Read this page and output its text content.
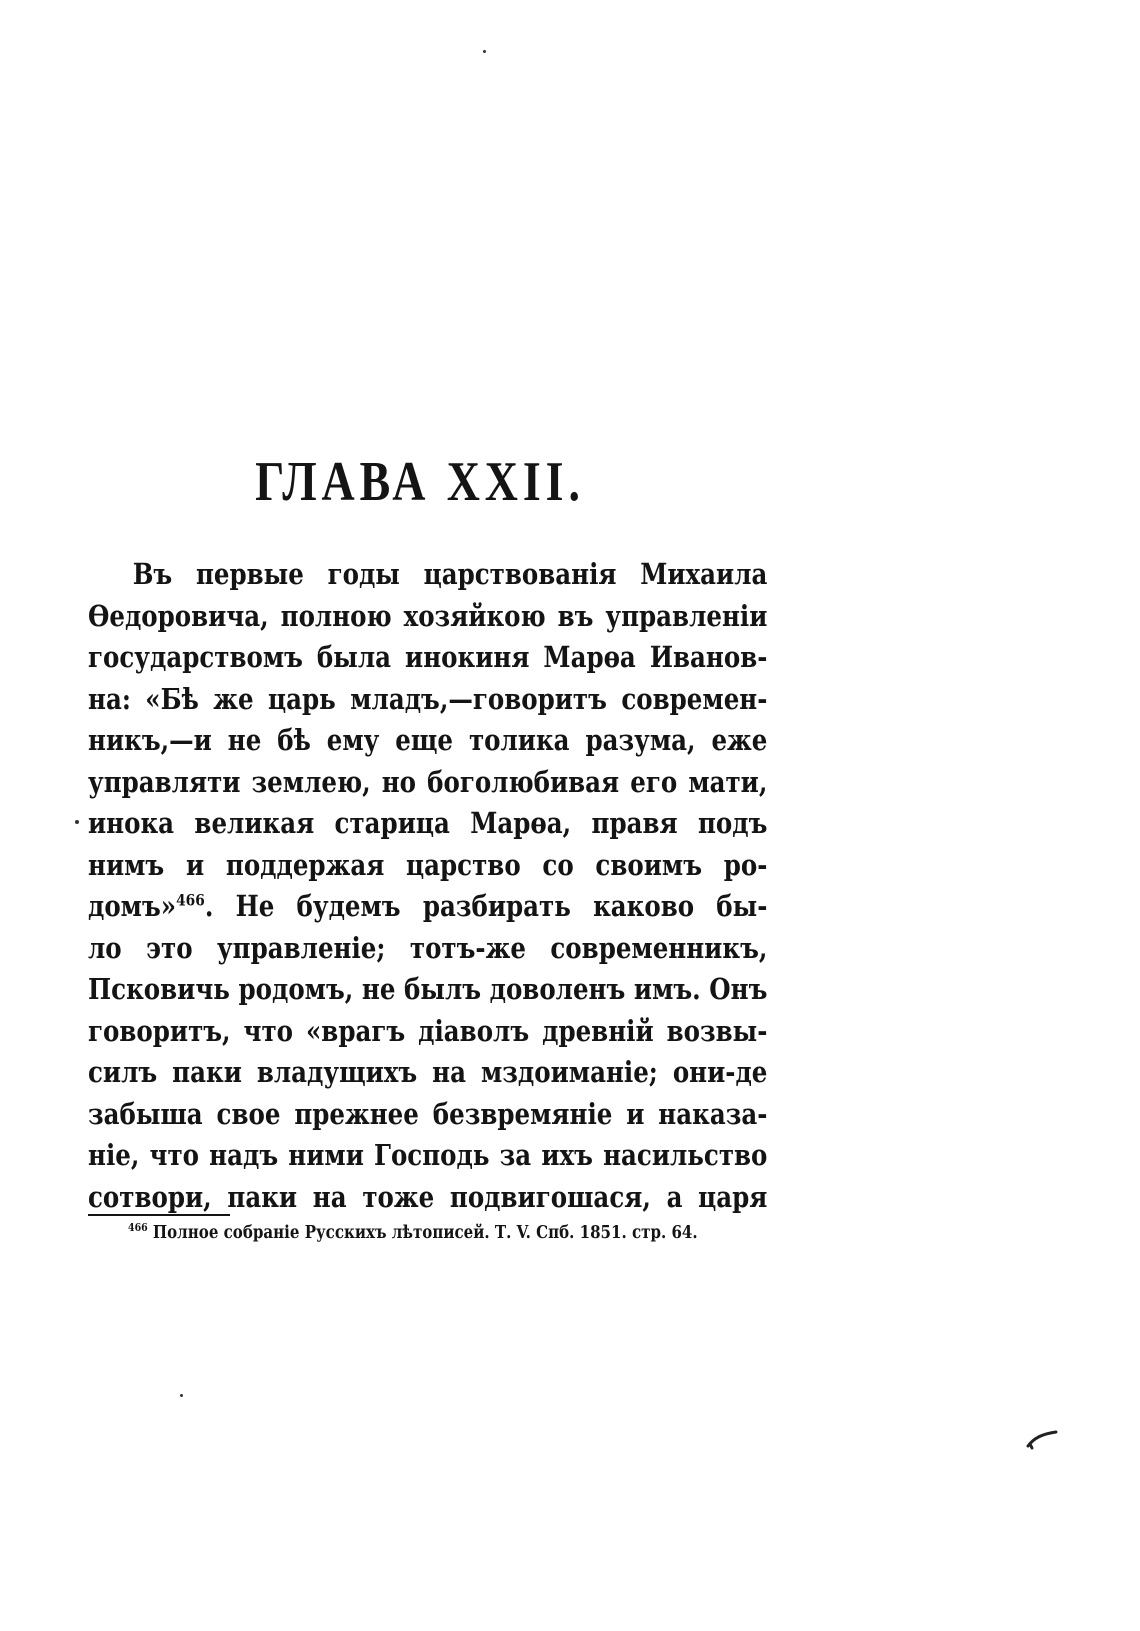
ГЛАВА XXII.
Въ первые годы царствованія Михаила
Өедоровича, полною хозяйкою въ управленіи
государствомъ была инокиня Марөа Иванов-
на: «Бѣ же царь младъ,—говоритъ современ-
никъ,—и не бѣ ему еще толика разума, еже
управляти землею, но боголюбивая его мати,
инока великая старица Марөа, правя подъ
нимъ и поддержая царство со своимъ ро-
домъ»$^{466}$. Не будемъ разбирать каково бы-
ло это управленіе; тотъ-же современникъ,
Псковичь родомъ, не былъ доволенъ имъ. Онъ
говоритъ, что «врагъ діаволъ древній возвы-
силъ паки владущихъ на мздоиманіе; они-де
забыша свое прежнее безвремяніе и наказа-
ніе, что надъ ними Господь за ихъ насильство
сотвори, паки на тоже подвигошася, а царя
$^{466}$ Полное собраніе Русскихъ лѣтописей. Т. V. Спб. 1851. стр. 64.
